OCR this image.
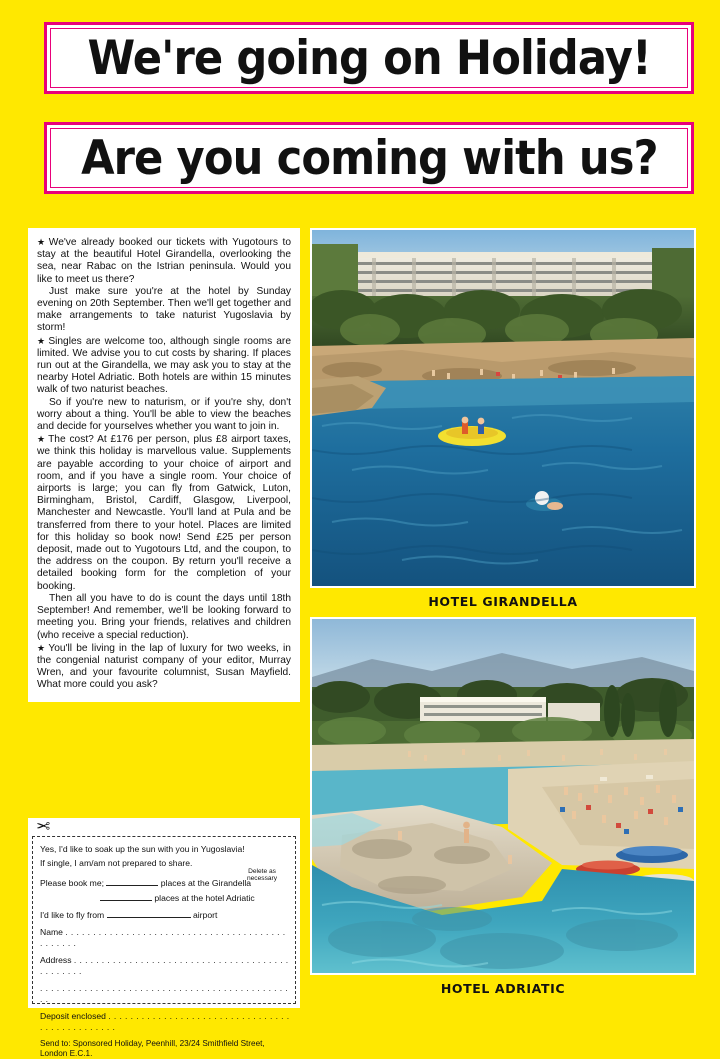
We're going on Holiday!
Are you coming with us?

★ We've already booked our tickets with Yugotours to stay at the beautiful Hotel Girandella, overlooking the sea, near Rabac on the Istrian peninsula. Would you like to meet us there?

Just make sure you're at the hotel by Sunday evening on 20th September. Then we'll get together and make arrangements to take naturist Yugoslavia by storm!

★ Singles are welcome too, although single rooms are limited. We advise you to cut costs by sharing. If places run out at the Girandella, we may ask you to stay at the nearby Hotel Adriatic. Both hotels are within 15 minutes walk of two naturist beaches.

So if you're new to naturism, or if you're shy, don't worry about a thing. You'll be able to view the beaches and decide for yourselves whether you want to join in.

★ The cost? At £176 per person, plus £8 airport taxes, we think this holiday is marvellous value. Supplements are payable according to your choice of airport and room, and if you have a single room. Your choice of airports is large; you can fly from Gatwick, Luton, Birmingham, Bristol, Cardiff, Glasgow, Liverpool, Manchester and Newcastle. You'll land at Pula and be transferred from there to your hotel. Places are limited for this holiday so book now! Send £25 per person deposit, made out to Yugotours Ltd, and the coupon, to the address on the coupon. By return you'll receive a detailed booking form for the completion of your booking.

Then all you have to do is count the days until 18th September! And remember, we'll be looking forward to meeting you. Bring your friends, relatives and children (who receive a special reduction).

★ You'll be living in the lap of luxury for two weeks, in the congenial naturist company of your editor, Murray Wren, and your favourite columnist, Susan Mayfield. What more could you ask?

✂
Yes, I'd like to soak up the sun with you in Yugoslavia!
If single, I am/am not prepared to share.
Delete as necessary
Please book me;	places at the Girandella
places at the hotel Adriatic
I'd like to fly from	airport
Name . . . . . . . . . . . . . . . . . . . . . . . . . . . . . . . . . . . . . . . . . . . . . . .
Address . . . . . . . . . . . . . . . . . . . . . . . . . . . . . . . . . . . . . . . . . . . . . . .
. . . . . . . . . . . . . . . . . . . . . . . . . . . . . . . . . . . . . . . . . . . . . . .
Deposit enclosed . . . . . . . . . . . . . . . . . . . . . . . . . . . . . . . . . . . . . . . . . . . . . . .
Send to: Sponsored Holiday, Peenhill, 23/24 Smithfield Street, London E.C.1.
HOTEL GIRANDELLA
HOTEL ADRIATIC
